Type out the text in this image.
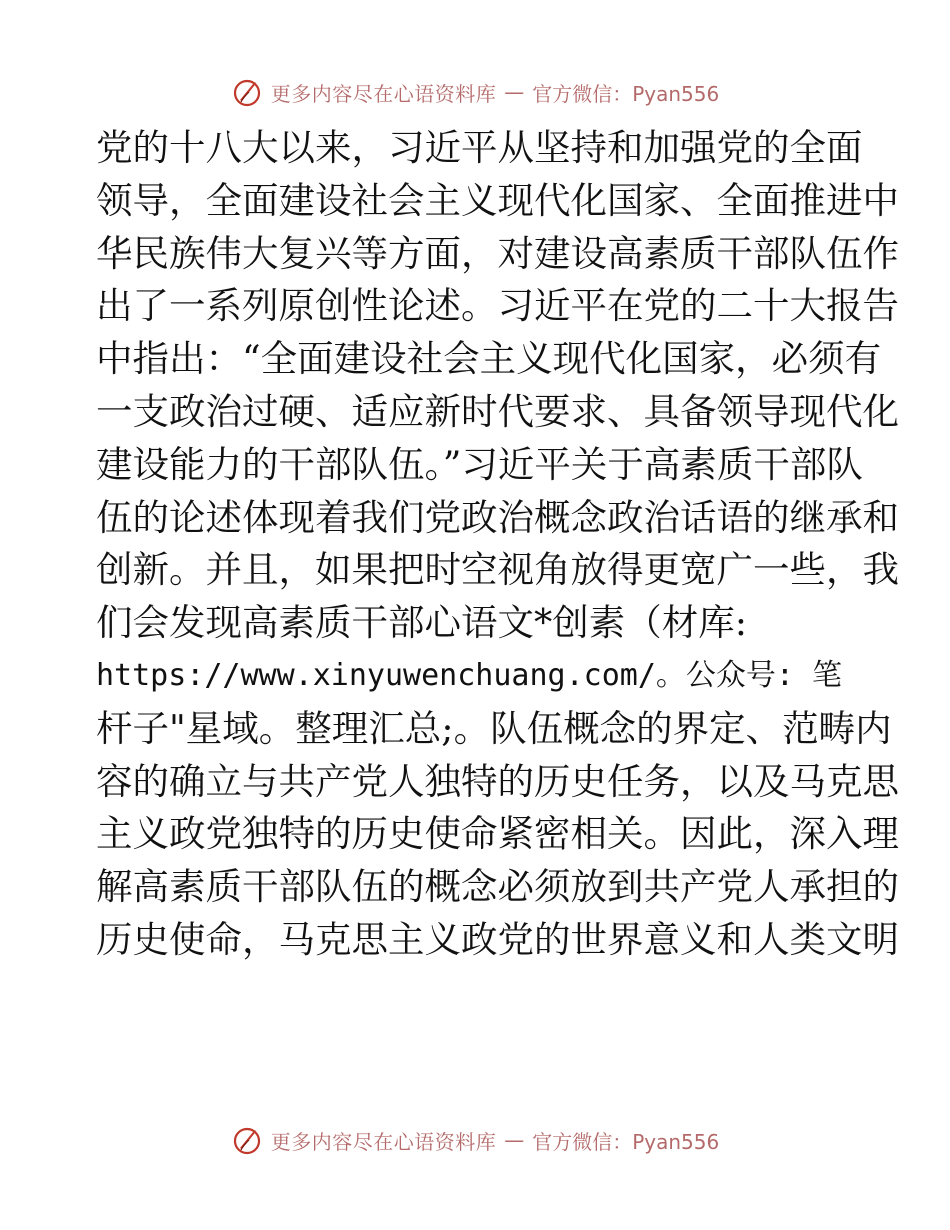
更多内容尽在心语资料库 — 官方微信：Pyan556
党的十八大以来，习近平从坚持和加强党的全面
领导，全面建设社会主义现代化国家、全面推进中
华民族伟大复兴等方面，对建设高素质干部队伍作
出了一系列原创性论述。习近平在党的二十大报告
中指出：“全面建设社会主义现代化国家，必须有
一支政治过硬、适应新时代要求、具备领导现代化
建设能力的干部队伍。”习近平关于高素质干部队
伍的论述体现着我们党政治概念政治话语的继承和
创新。并且，如果把时空视角放得更宽广一些，我
们会发现高素质干部心语文*创素（材库:
https://www.xinyuwenchuang.com/。公众号: 笔
杆子"星域。整理汇总;。队伍概念的界定、范畴内
容的确立与共产党人独特的历史任务，以及马克思
主义政党独特的历史使命紧密相关。因此，深入理
解高素质干部队伍的概念必须放到共产党人承担的
历史使命，马克思主义政党的世界意义和人类文明
更多内容尽在心语资料库 — 官方微信：Pyan556
